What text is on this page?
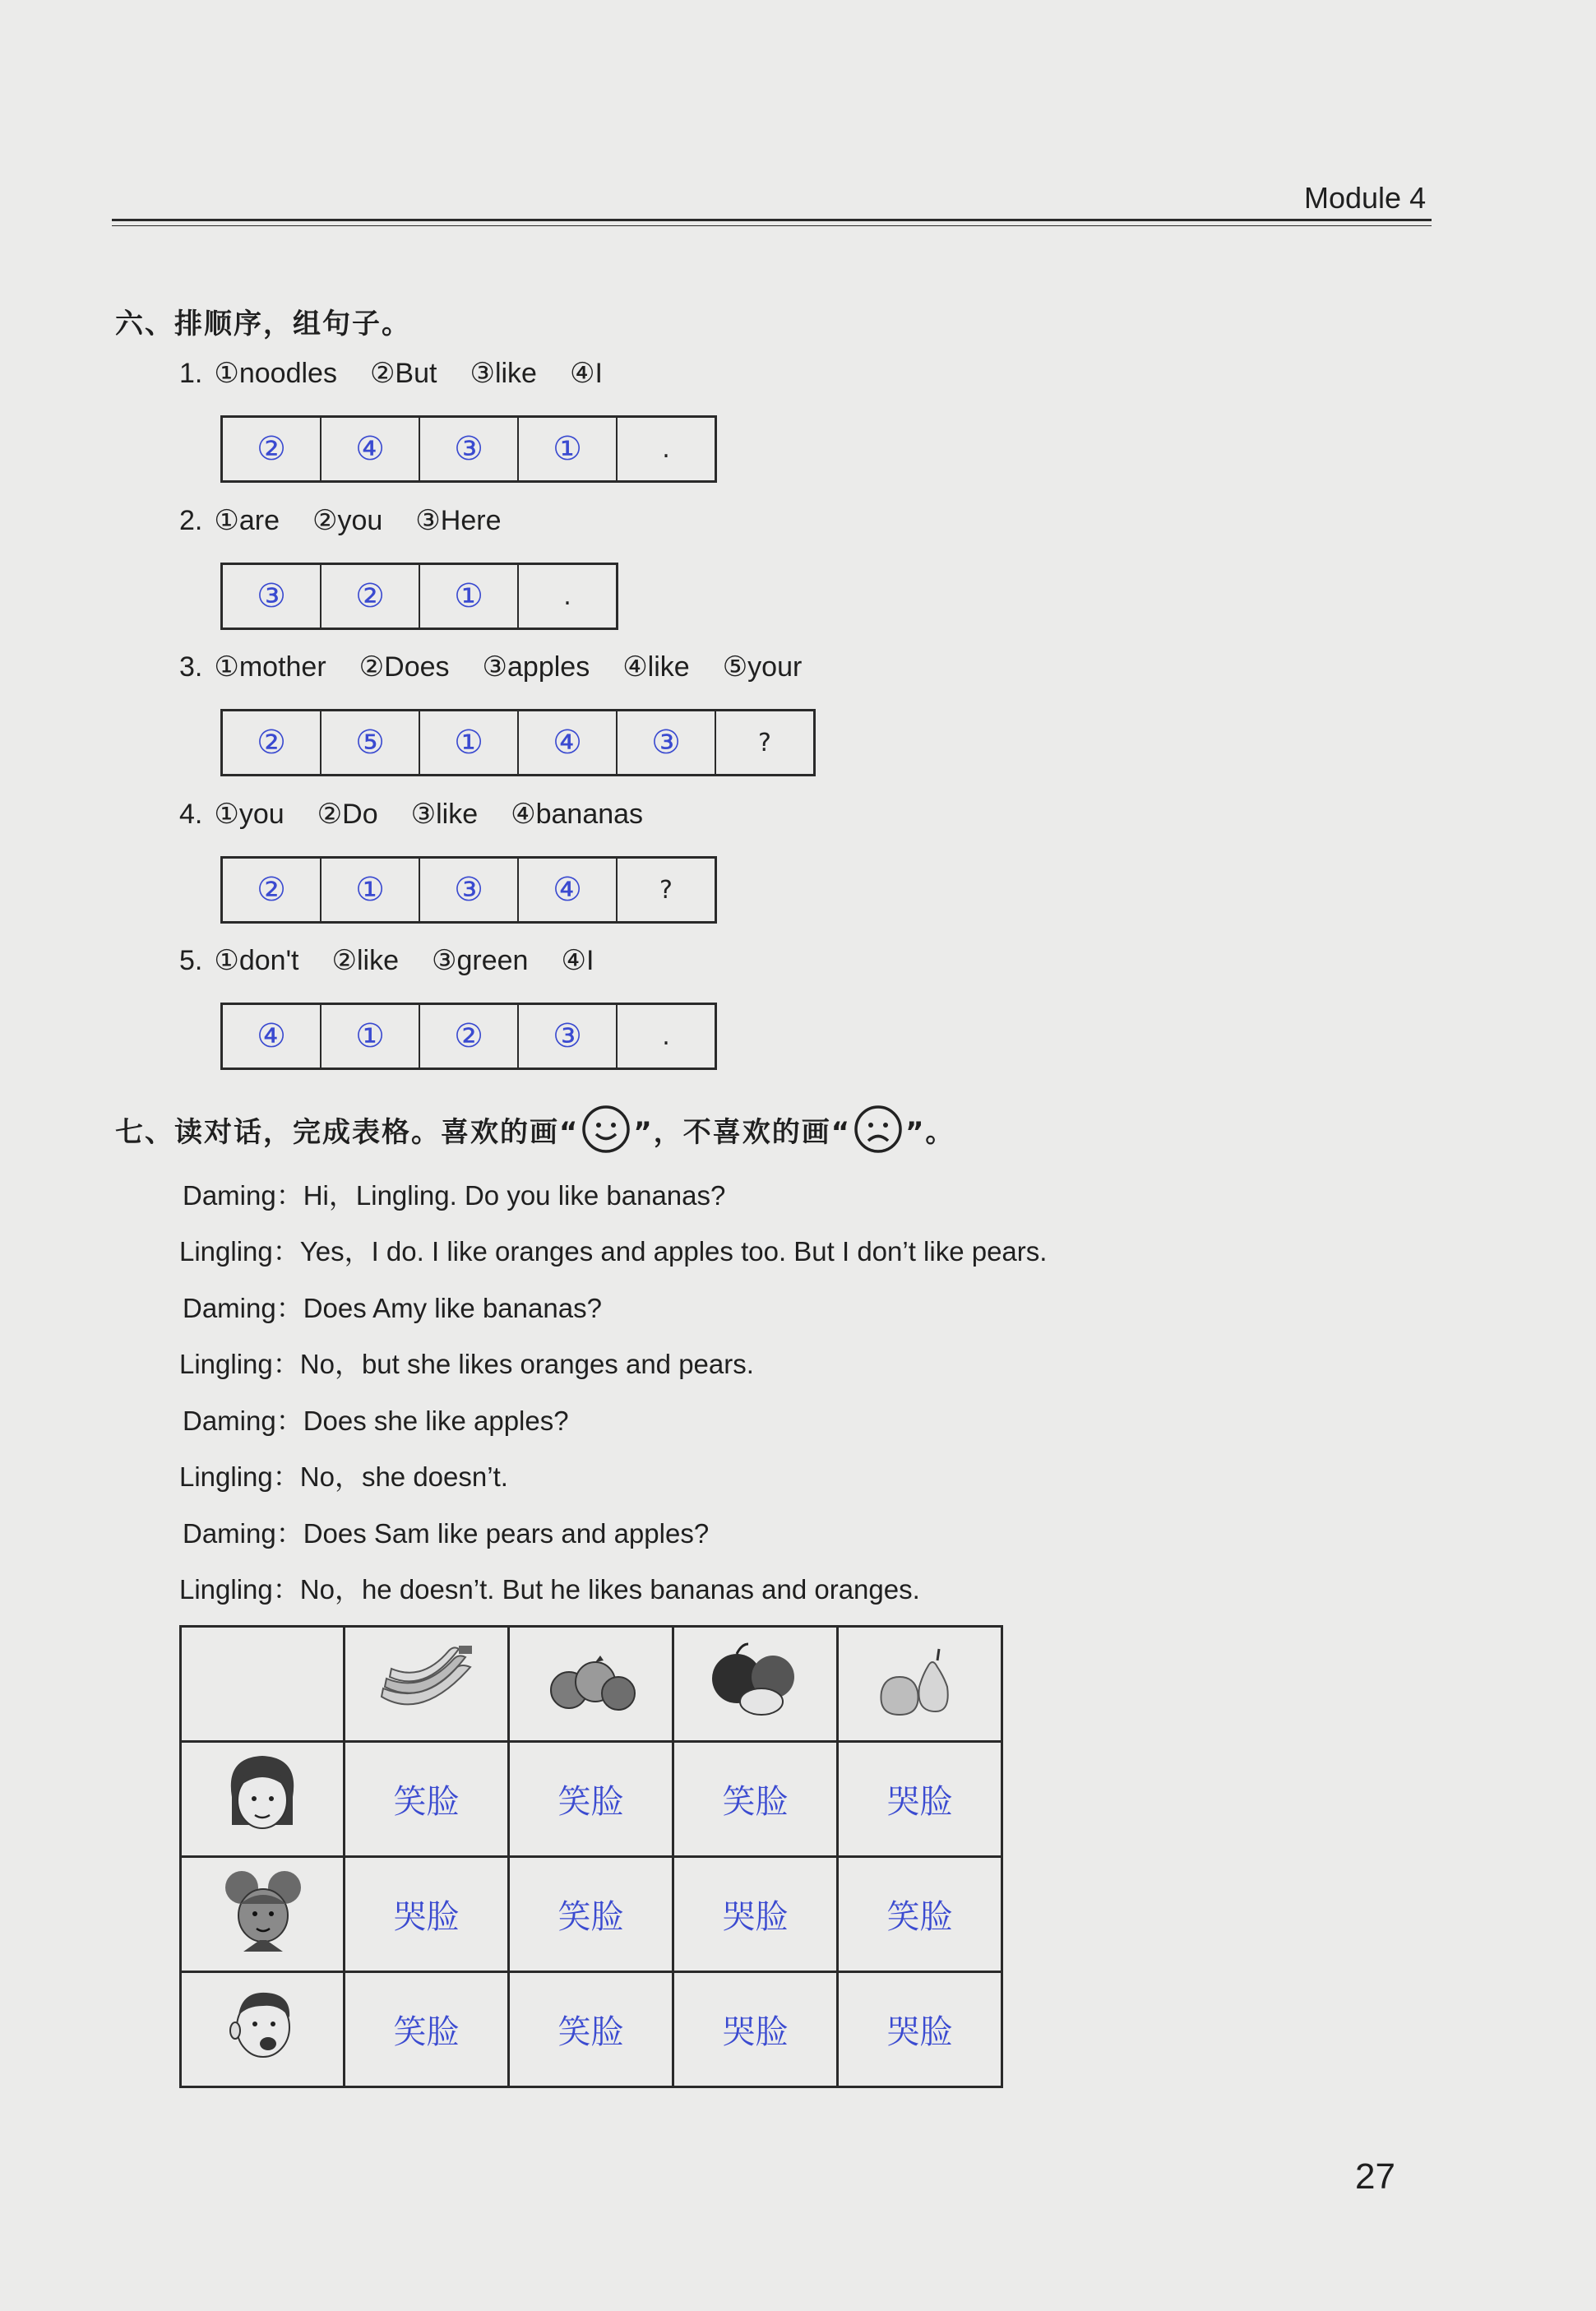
Module 4
六、排顺序，组句子。
1. ①noodles ②But ③like ④I
②	④	③	①	.
2. ①are ②you ③Here
③	②	①	.
3. ①mother ②Does ③apples ④like ⑤your
②	⑤	①	④	③	?
4. ①you ②Do ③like ④bananas
②	①	③	④	?
5. ①don't ②like ③green ④I
④	①	②	③	.
七、读对话，完成表格。喜欢的画“ ”，不喜欢的画“ ”。
Daming：Hi，Lingling. Do you like bananas?
Lingling：Yes，I do. I like oranges and apples too. But I don’t like pears.
Daming：Does Amy like bananas?
Lingling：No，but she likes oranges and pears.
Daming：Does she like apples?
Lingling：No，she doesn’t.
Daming：Does Sam like pears and apples?
Lingling：No，he doesn’t. But he likes bananas and oranges.

	笑脸	笑脸	笑脸	哭脸
	哭脸	笑脸	哭脸	笑脸
	笑脸	笑脸	哭脸	哭脸
27
